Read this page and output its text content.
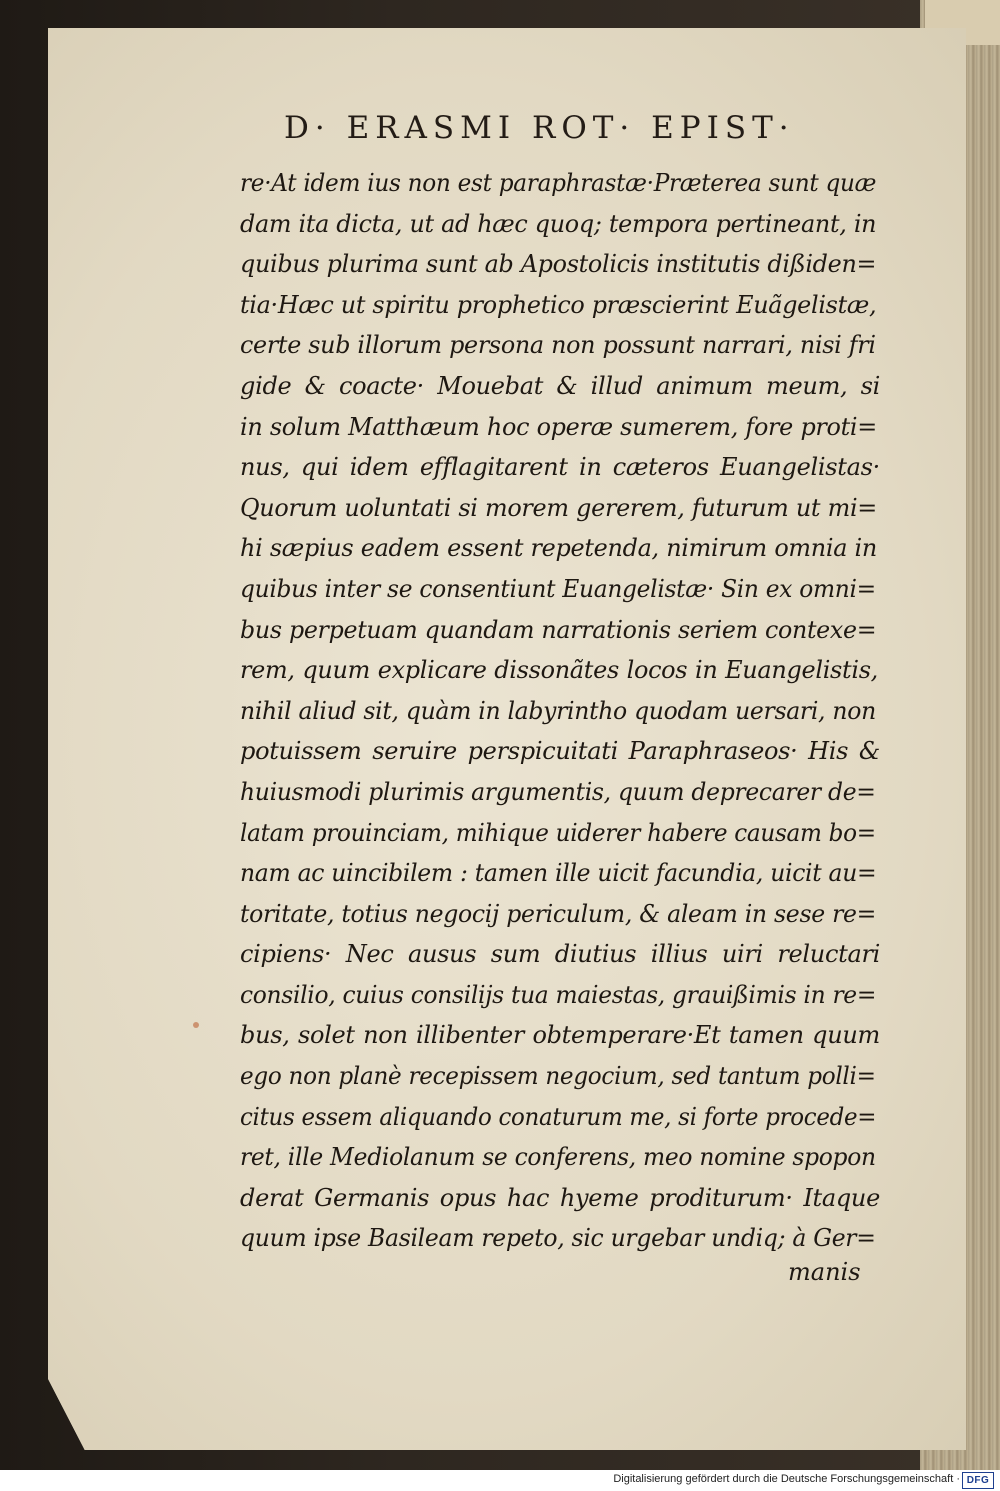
D· ERASMI ROT· EPIST·
re·At idem ius non est paraphrastæ·Præterea sunt quæ
dam ita dicta, ut ad hæc quoq; tempora pertineant, in
quibus plurima sunt ab Apostolicis institutis dißiden=
tia·Hæc ut spiritu prophetico præscierint Euãgelistæ,
certe sub illorum persona non possunt narrari, nisi fri
gide & coacte· Mouebat & illud animum meum, si
in solum Matthæum hoc operæ sumerem, fore proti=
nus, qui idem efflagitarent in cæteros Euangelistas·
Quorum uoluntati si morem gererem, futurum ut mi=
hi sæpius eadem essent repetenda, nimirum omnia in
quibus inter se consentiunt Euangelistæ· Sin ex omni=
bus perpetuam quandam narrationis seriem contexe=
rem, quum explicare dissonãtes locos in Euangelistis,
nihil aliud sit, quàm in labyrintho quodam uersari, non
potuissem seruire perspicuitati Paraphraseos· His &
huiusmodi plurimis argumentis, quum deprecarer de=
latam prouinciam, mihique uiderer habere causam bo=
nam ac uincibilem : tamen ille uicit facundia, uicit au=
toritate, totius negocij periculum, & aleam in sese re=
cipiens· Nec ausus sum diutius illius uiri reluctari
consilio, cuius consilijs tua maiestas, grauißimis in re=
bus, solet non illibenter obtemperare·Et tamen quum
ego non planè recepissem negocium, sed tantum polli=
citus essem aliquando conaturum me, si forte procede=
ret, ille Mediolanum se conferens, meo nomine spopon
derat Germanis opus hac hyeme proditurum· Itaque
quum ipse Basileam repeto, sic urgebar undiq; à Ger=
manis
Digitalisierung gefördert durch die Deutsche Forschungsgemeinschaft · DFG
